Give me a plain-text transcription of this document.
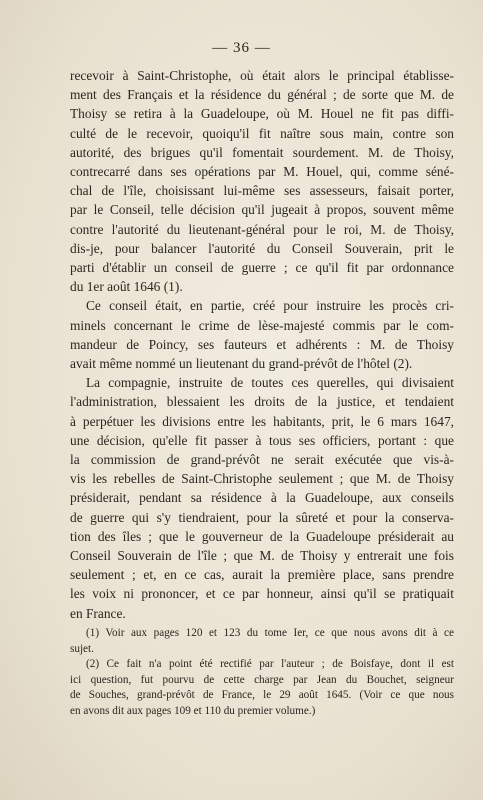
— 36 —

recevoir à Saint-Christophe, où était alors le principal établisse-
ment des Français et la résidence du général ; de sorte que M. de
Thoisy se retira à la Guadeloupe, où M. Houel ne fit pas diffi-
culté de le recevoir, quoiqu'il fit naître sous main, contre son
autorité, des brigues qu'il fomentait sourdement. M. de Thoisy,
contrecarré dans ses opérations par M. Houel, qui, comme séné-
chal de l'île, choisissant lui-même ses assesseurs, faisait porter,
par le Conseil, telle décision qu'il jugeait à propos, souvent même
contre l'autorité du lieutenant-général pour le roi, M. de Thoisy,
dis-je, pour balancer l'autorité du Conseil Souverain, prit le
parti d'établir un conseil de guerre ; ce qu'il fit par ordonnance
du 1er août 1646 (1).

Ce conseil était, en partie, créé pour instruire les procès cri-
minels concernant le crime de lèse-majesté commis par le com-
mandeur de Poincy, ses fauteurs et adhérents : M. de Thoisy
avait même nommé un lieutenant du grand-prévôt de l'hôtel (2).

La compagnie, instruite de toutes ces querelles, qui divisaient
l'administration, blessaient les droits de la justice, et tendaient
à perpétuer les divisions entre les habitants, prit, le 6 mars 1647,
une décision, qu'elle fit passer à tous ses officiers, portant : que
la commission de grand-prévôt ne serait exécutée que vis-à-
vis les rebelles de Saint-Christophe seulement ; que M. de Thoisy
présiderait, pendant sa résidence à la Guadeloupe, aux conseils
de guerre qui s'y tiendraient, pour la sûreté et pour la conserva-
tion des îles ; que le gouverneur de la Guadeloupe présiderait au
Conseil Souverain de l'île ; que M. de Thoisy y entrerait une fois
seulement ; et, en ce cas, aurait la première place, sans prendre
les voix ni prononcer, et ce par honneur, ainsi qu'il se pratiquait
en France.

(1) Voir aux pages 120 et 123 du tome Ier, ce que nous avons dit à ce
sujet.

(2) Ce fait n'a point été rectifié par l'auteur ; de Boisfaye, dont il est
ici question, fut pourvu de cette charge par Jean du Bouchet, seigneur
de Souches, grand-prévôt de France, le 29 août 1645. (Voir ce que nous
en avons dit aux pages 109 et 110 du premier volume.)
